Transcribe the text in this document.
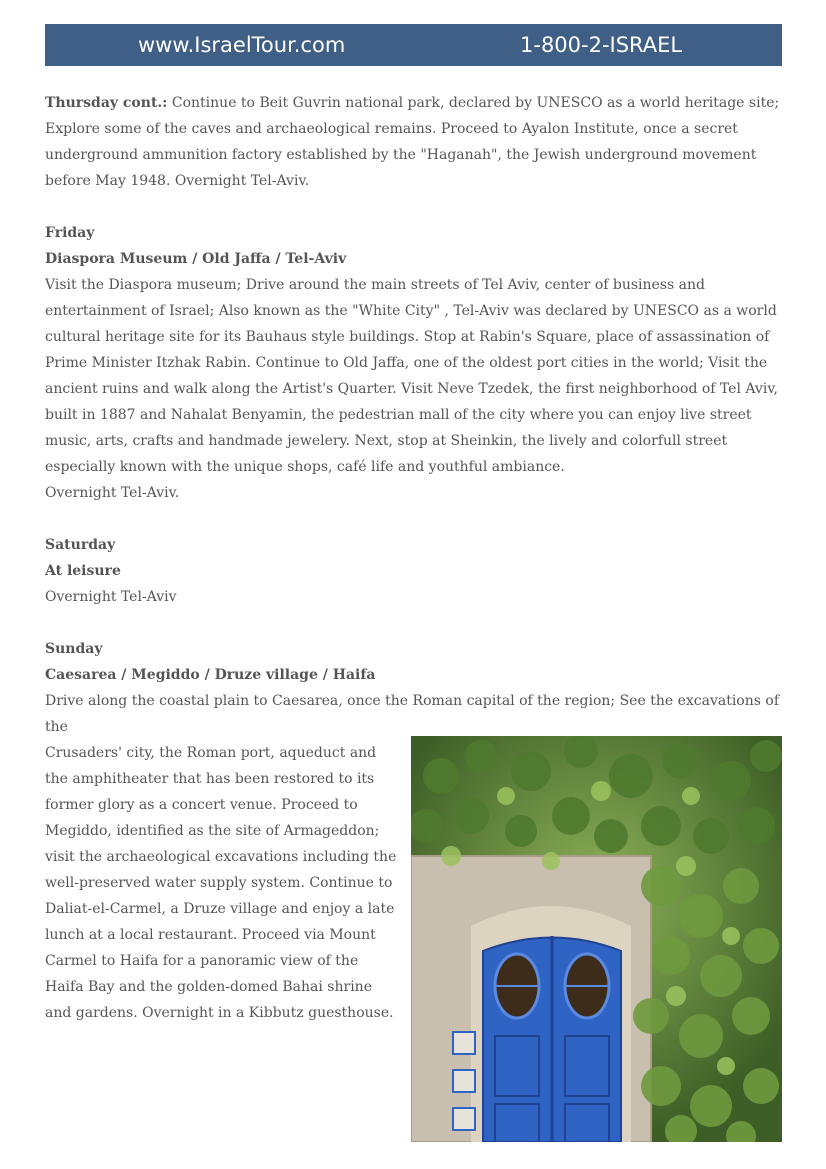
www.IsraelTour.com	1-800-2-ISRAEL

Thursday cont.: Continue to Beit Guvrin national park, declared by UNESCO as a world heritage site; Explore some of the caves and archaeological remains. Proceed to Ayalon Institute, once a secret underground ammunition factory established by the "Haganah", the Jewish underground movement before May 1948. Overnight Tel-Aviv.

Friday

Diaspora Museum / Old Jaffa / Tel-Aviv

Visit the Diaspora museum; Drive around the main streets of Tel Aviv, center of business and entertainment of Israel; Also known as the "White City" , Tel-Aviv was declared by UNESCO as a world cultural heritage site for its Bauhaus style buildings. Stop at Rabin's Square, place of assassination of Prime Minister Itzhak Rabin. Continue to Old Jaffa, one of the oldest port cities in the world; Visit the ancient ruins and walk along the Artist's Quarter. Visit Neve Tzedek, the first neighborhood of Tel Aviv, built in 1887 and Nahalat Benyamin, the pedestrian mall of the city where you can enjoy live street music, arts, crafts and handmade jewelery. Next, stop at Sheinkin, the lively and colorfull street especially known with the unique shops, café life and youthful ambiance.

Overnight Tel-Aviv.

Saturday

At leisure

Overnight Tel-Aviv

Sunday

Caesarea / Megiddo / Druze village / Haifa

Drive along the coastal plain to Caesarea, once the Roman capital of the region; See the excavations of the

Crusaders' city, the Roman port, aqueduct and the amphitheater that has been restored to its former glory as a concert venue. Proceed to Megiddo, identified as the site of Armageddon; visit the archaeological excavations including the well-preserved water supply system. Continue to Daliat-el-Carmel, a Druze village and enjoy a late lunch at a local restaurant. Proceed via Mount Carmel to Haifa for a panoramic view of the Haifa Bay and the golden-domed Bahai shrine and gardens. Overnight in a Kibbutz guesthouse.
